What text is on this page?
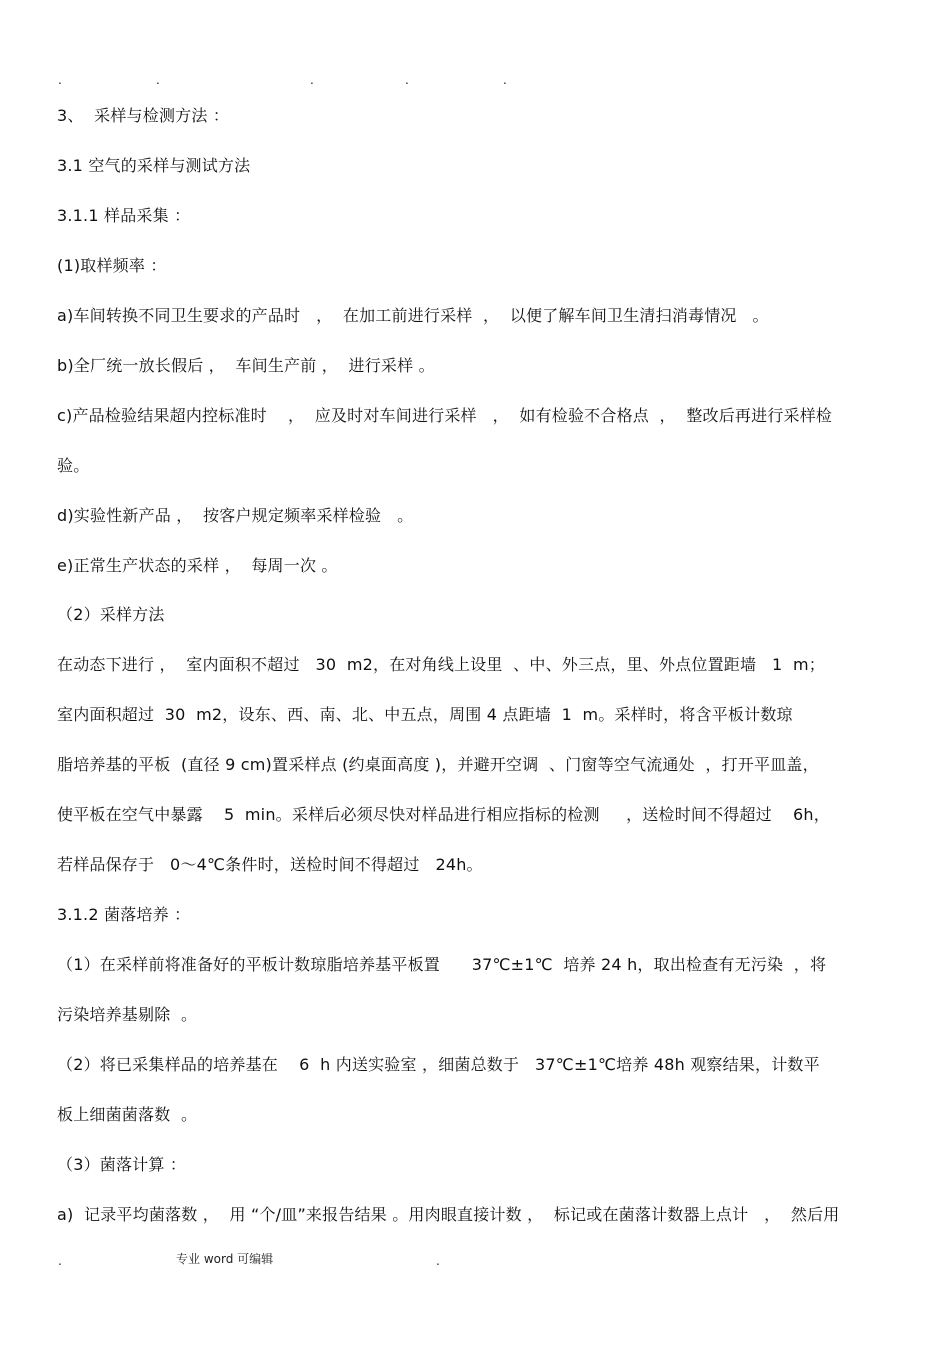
.	.	.	.	.
3、  采样与检测方法 ：
3.1 空气的采样与测试方法
3.1.1 样品采集 ：
(1)取样频率 ：
a)车间转换不同卫生要求的产品时   ，  在加工前进行采样  ，  以便了解车间卫生清扫消毒情况   。
b)全厂统一放长假后 ，  车间生产前 ，  进行采样 。
c)产品检验结果超内控标准时    ，  应及时对车间进行采样   ，  如有检验不合格点  ，  整改后再进行采样检
验。
d)实验性新产品 ，  按客户规定频率采样检验   。
e)正常生产状态的采样 ，  每周一次 。
（2）采样方法
在动态下进行 ，  室内面积不超过   30  m2，在对角线上设里  、中、外三点，里、外点位置距墙   1  m；
室内面积超过  30  m2，设东、西、南、北、中五点，周围 4 点距墙  1  m。采样时，将含平板计数琼
脂培养基的平板  (直径 9 cm)置采样点 (约桌面高度 )，并避开空调  、门窗等空气流通处  ，打开平皿盖，
使平板在空气中暴露    5  min。采样后必须尽快对样品进行相应指标的检测     ，送检时间不得超过    6h，
若样品保存于   0～4℃条件时，送检时间不得超过   24h。
3.1.2 菌落培养 ：
（1）在采样前将准备好的平板计数琼脂培养基平板置      37℃±1℃  培养 24 h，取出检查有无污染  ，将
污染培养基剔除  。
（2）将已采集样品的培养基在    6  h 内送实验室 ，细菌总数于   37℃±1℃培养 48h 观察结果，计数平
板上细菌菌落数  。
（3）菌落计算 ：
a)  记录平均菌落数 ，  用 “个/皿”来报告结果 。用肉眼直接计数 ，  标记或在菌落计数器上点计   ，  然后用
.	专业 word 可编辑	.
